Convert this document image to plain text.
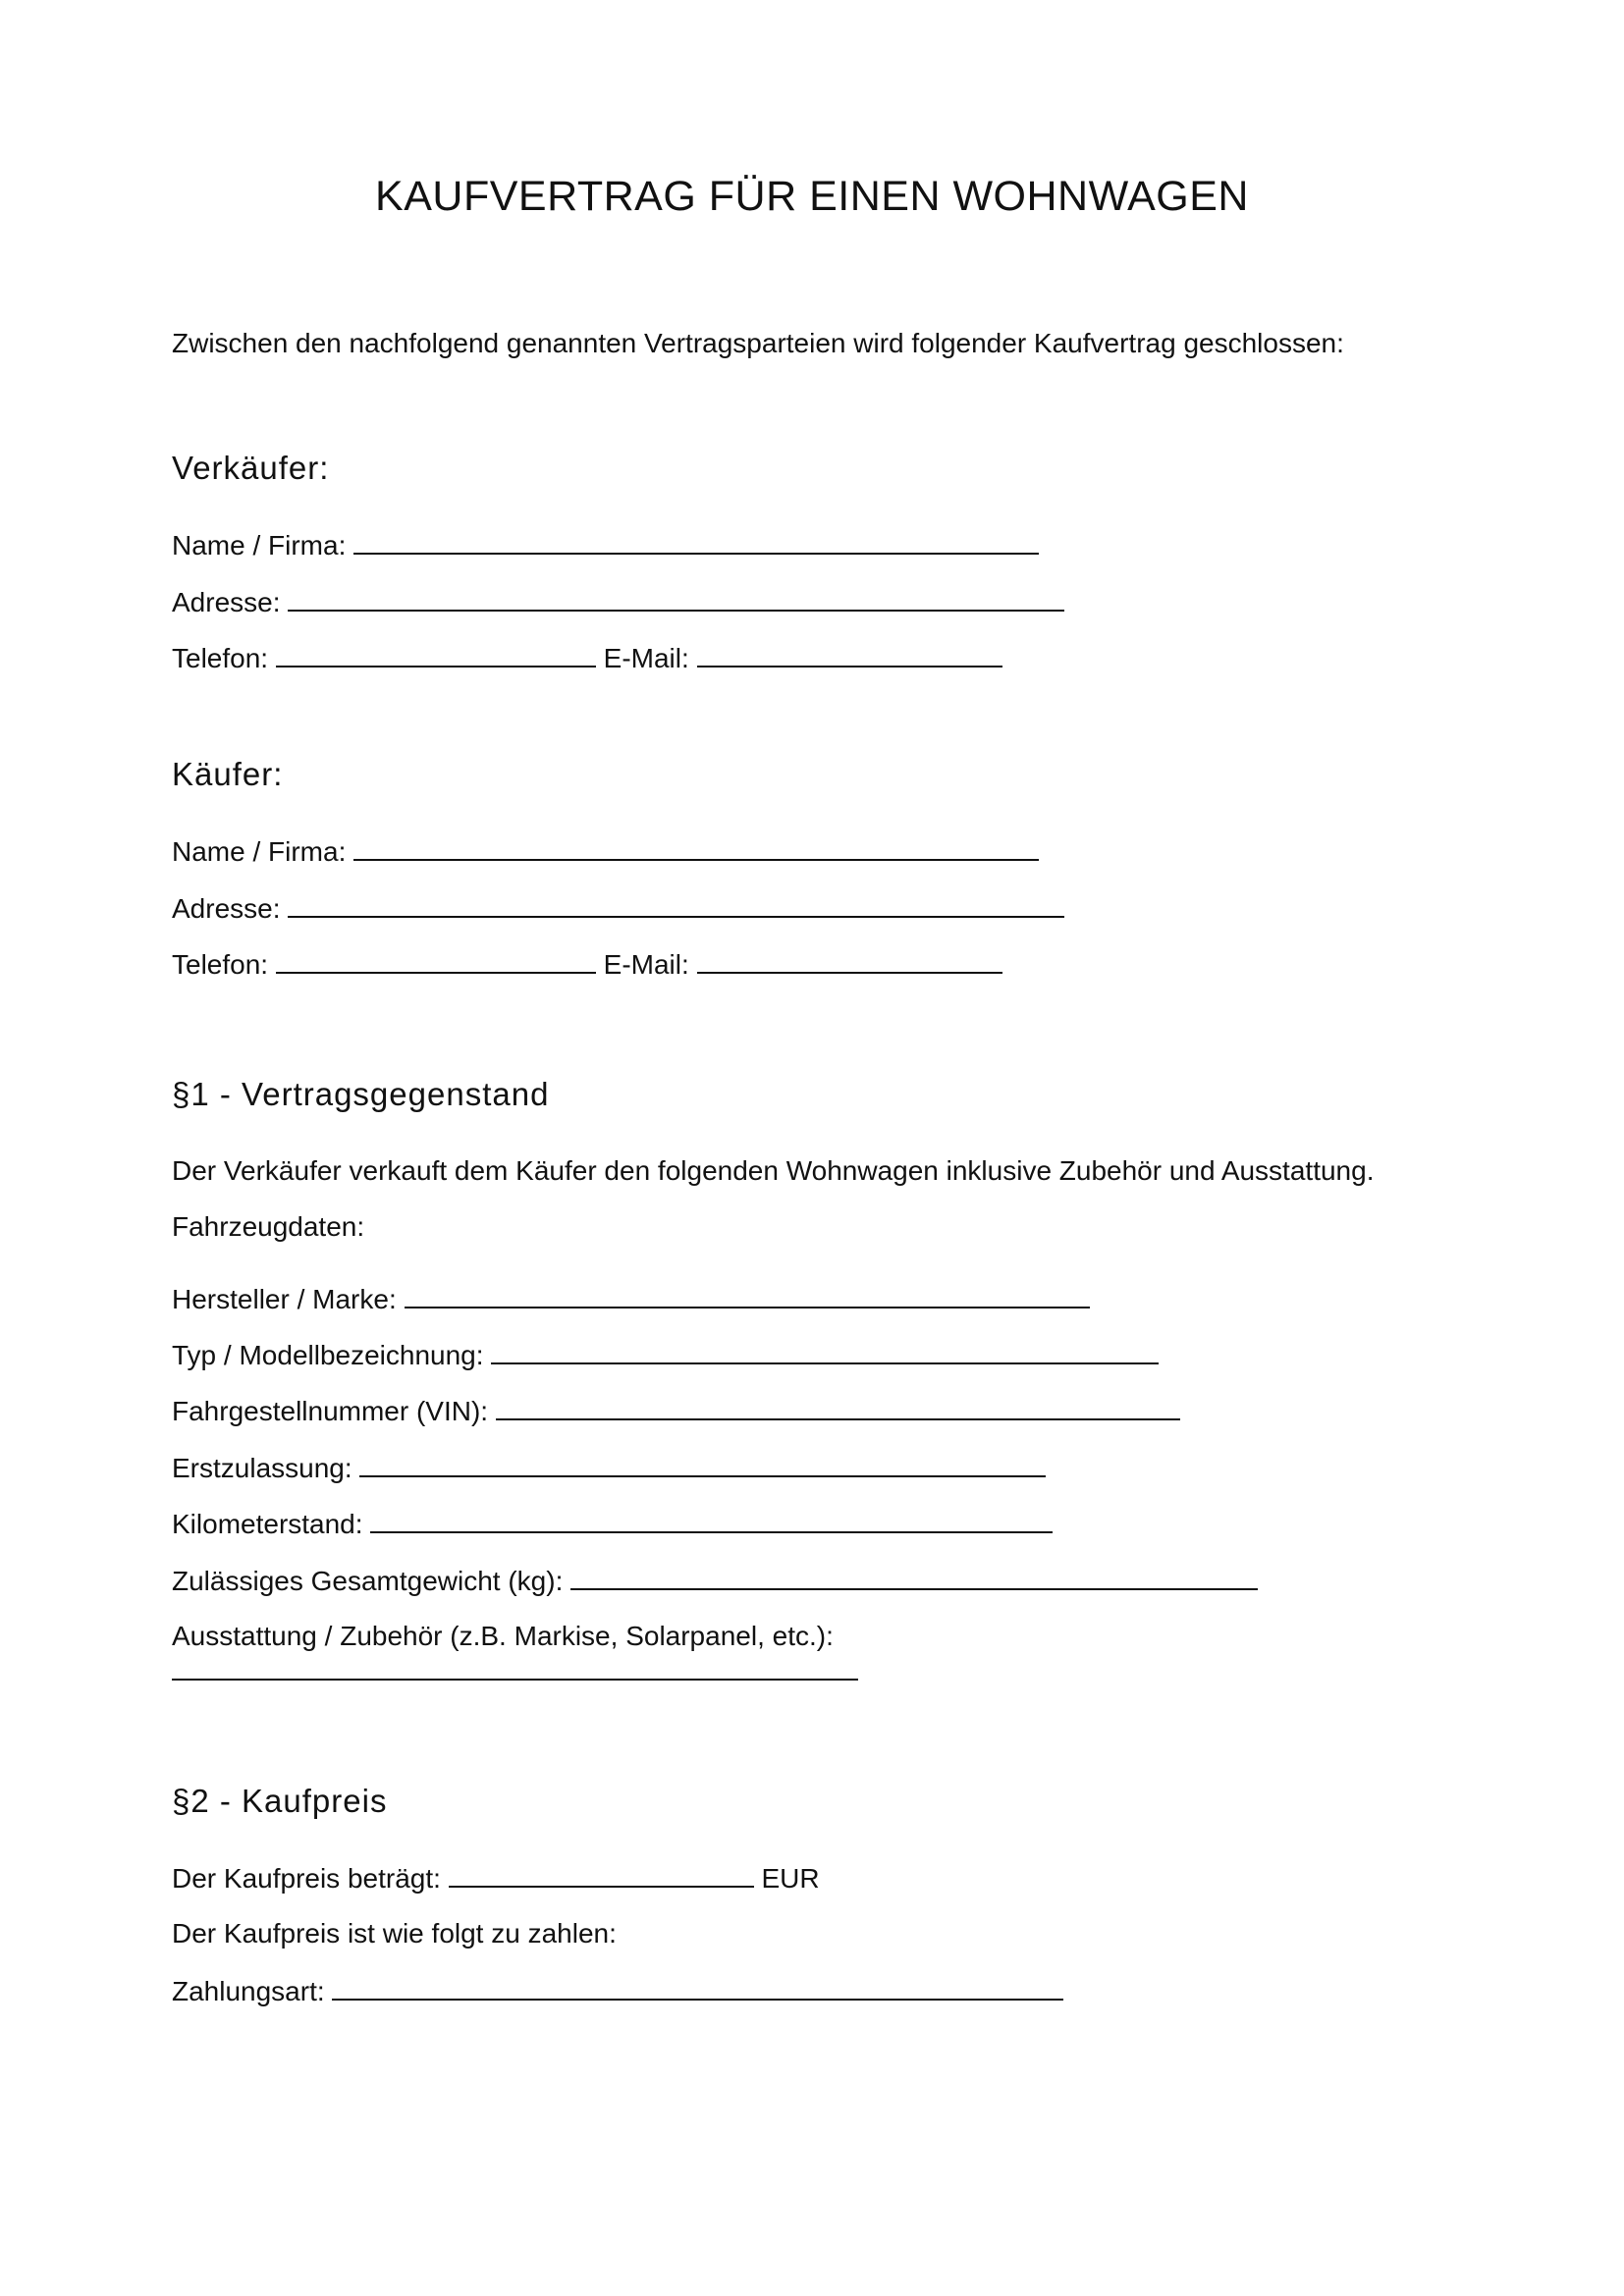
KAUFVERTRAG FÜR EINEN WOHNWAGEN
Zwischen den nachfolgend genannten Vertragsparteien wird folgender Kaufvertrag geschlossen:
Verkäufer:
Name / Firma:
Adresse:
Telefon:	E-Mail:
Käufer:
Name / Firma:
Adresse:
Telefon:	E-Mail:
§1 - Vertragsgegenstand
Der Verkäufer verkauft dem Käufer den folgenden Wohnwagen inklusive Zubehör und Ausstattung.
Fahrzeugdaten:
Hersteller / Marke:
Typ / Modellbezeichnung:
Fahrgestellnummer (VIN):
Erstzulassung:
Kilometerstand:
Zulässiges Gesamtgewicht (kg):
Ausstattung / Zubehör (z.B. Markise, Solarpanel, etc.):
§2 - Kaufpreis
Der Kaufpreis beträgt:	EUR
Der Kaufpreis ist wie folgt zu zahlen:
Zahlungsart:
